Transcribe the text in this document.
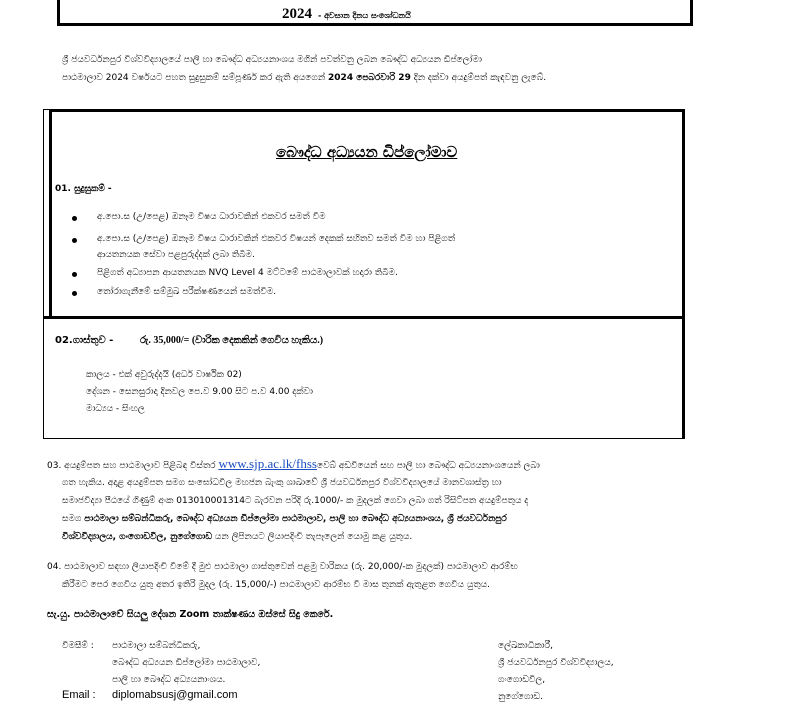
2024 - අවසාන දිනය සංශෝධනයි
ශ්‍රී ජයවර්ධනපුර විශ්වවිද්‍යාලයේ පාලි හා බෞද්ධ අධ්‍යයනාංශය මගින් පවත්වනු ලබන බෞද්ධ අධ්‍යයන ඩිප්ලෝමා
පාඨමාලාව 2024 වර්ෂයට පහත සුදුසුකම් සම්පූර්ණ කර ඇති අයගෙන් 2024 පෙබරවාරි 29 දින දක්වා අයදුම්පත් කැඳවනු ලැබේ.
බෞද්ධ අධ්‍යයන ඩිප්ලෝමාව
01. සුදුසුකම් -
අ.පො.ස (උ/පෙළ) ඔනෑම විෂය ධාරාවකින් එකවර සමත් වීම
අ.පො.ස (උ/පෙළ) ඔනෑම විෂය ධාරාවකින් එකවර විෂයන් දෙකක් සහිතව සමත් වීම හා පිළිගත්
ආයතනයක සේවා පළපුරුද්දක් ලබා තිබීම.
පිළිගත් අධ්‍යාපන ආයතනයක NVQ Level 4 මට්ටමේ පාඨමාලාවක් හදාරා තිබීම.
තෝරාගැනීමේ සම්මුඛ පරීක්ෂණයෙන් සමත්වීම.
02.ගාස්තුව -	රු. 35,000/= (වාරික දෙකකින් ගෙවිය හැකිය.)
කාලය - එක් අවුරුද්දයි (අර්ධ වාර්ෂික 02)
දේශන - සෙනසුරාදා දිනවල පෙ.ව 9.00 සිට ප.ව 4.00 දක්වා
මාධ්‍යය - සිංහල
03. අයදුම්පත සහ පාඨමාලාව පිළිබඳ විස්තර www.sjp.ac.lk/fhssවෙබ් අඩවියෙන් සහ පාලි හා බෞද්ධ අධ්‍යයනාංශයෙන් ලබා
ගත හැකිය. අදාළ අයදුම්පත සමග සංඝෝධවිල මහජන බැංකු ශාඛාවේ ශ්‍රී ජයවර්ධනපුර විශ්වවිද්‍යාලයේ මානවශාස්ත්‍ර හා
සමාජවිද්‍යා පීඨයේ ගිණුම් අංක 013010001314ට බැරවන පරිදි රු.1000/- ක මුදලක් ගෙවා ලබා ගත් රිසිට්පත අයදුම්පතුය ද
සමග පාඨමාලා සම්බන්ධීකරු, බෞද්ධ අධ්‍යයන ඩිප්ලෝමා පාඨමාලාව, පාලි හා බෞද්ධ අධ්‍යයනාංශය, ශ්‍රී ජයවර්ධනපුර
විශ්වවිද්‍යාලය, ගංගොඩවිල, නුගේගොඩ යන ලිපිනයට ලියාපදිංචි තැපෑලෙන් යොමු කළ යුතුය.
04. පාඨමාලාව සඳහා ලියාපදිංචි වීමේ දී මුළු පාඨමාලා ගාස්තුවෙන් පළමු වාරිකය (රු. 20,000/-ක මුදලක්) පාඨමාලාව ආරම්භ
කිරීමට පෙර ගෙවිය යුතු අතර ඉතිරි මුදල (රු. 15,000/-) පාඨමාලාව ආරම්භ වී මාස තුනක් ඇතුළත ගෙවිය යුතුය.
සැ.යු. පාඨමාලාවේ සියලු දේශන Zoom තාක්ෂණය ඔස්සේ සිදු කෙරේ.
විමසීම් : පාඨමාලා සම්බන්ධීකරු,
බෞද්ධ අධ්‍යයන ඩිප්ලෝමා පාඨමාලාව,
පාලි හා බෞද්ධ අධ්‍යයනාංශය.
Email : diplomabsusj@gmail.com
ලේඛකාධිකාරී,
ශ්‍රී ජයවර්ධනපුර විශ්වවිද්‍යාලය,
ගංගොඩවිල,
නුගේගොඩ.
